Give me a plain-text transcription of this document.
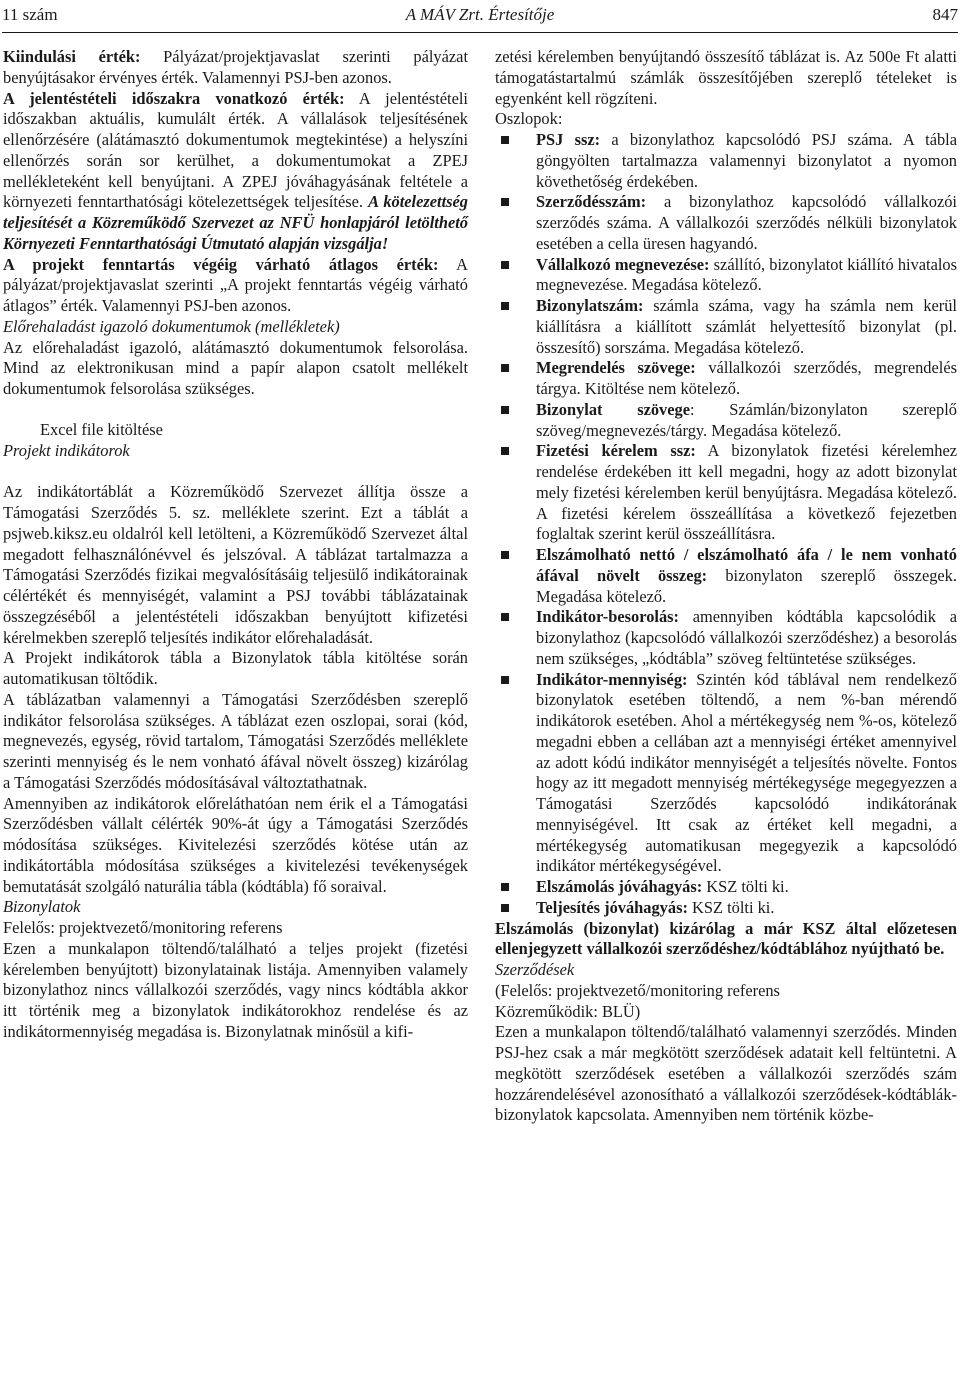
11 szám	A MÁV Zrt. Értesítője	847

Kiindulási érték: Pályázat/projektjavaslat szerinti pályázat benyújtásakor érvényes érték. Valamennyi PSJ-ben azonos.

A jelentéstételi időszakra vonatkozó érték: A jelentéstételi időszakban aktuális, kumulált érték. A vállalások teljesítésének ellenőrzésére (alátámasztó dokumentumok megtekintése) a helyszíni ellenőrzés során sor kerülhet, a dokumentumokat a ZPEJ mellékleteként kell benyújtani. A ZPEJ jóváhagyásának feltétele a környezeti fenntarthatósági kötelezettségek teljesítése. A kötelezettség teljesítését a Közreműködő Szervezet az NFÜ honlapjáról letölthető Környezeti Fenntarthatósági Útmutató alapján vizsgálja!

A projekt fenntartás végéig várható átlagos érték: A pályázat/projektjavaslat szerinti „A projekt fenntartás végéig várható átlagos” érték. Valamennyi PSJ-ben azonos.

Előrehaladást igazoló dokumentumok (mellékletek)

Az előrehaladást igazoló, alátámasztó dokumentumok felsorolása. Mind az elektronikusan mind a papír alapon csatolt mellékelt dokumentumok felsorolása szükséges.

Excel file kitöltése

Projekt indikátorok

Az indikátortáblát a Közreműködő Szervezet állítja össze a Támogatási Szerződés 5. sz. melléklete szerint. Ezt a táblát a psjweb.kiksz.eu oldalról kell letölteni, a Közreműködő Szervezet által megadott felhasználónévvel és jelszóval. A táblázat tartalmazza a Támogatási Szerződés fizikai megvalósításáig teljesülő indikátorainak célértékét és mennyiségét, valamint a PSJ további táblázatainak összegzéséből a jelentéstételi időszakban benyújtott kifizetési kérelmekben szereplő teljesítés indikátor előrehaladását.

A Projekt indikátorok tábla a Bizonylatok tábla kitöltése során automatikusan töltődik.

A táblázatban valamennyi a Támogatási Szerződésben szereplő indikátor felsorolása szükséges. A táblázat ezen oszlopai, sorai (kód, megnevezés, egység, rövid tartalom, Támogatási Szerződés melléklete szerinti mennyiség és le nem vonható áfával növelt összeg) kizárólag a Támogatási Szerződés módosításával változtathatnak.

Amennyiben az indikátorok előreláthatóan nem érik el a Támogatási Szerződésben vállalt célérték 90%-át úgy a Támogatási Szerződés módosítása szükséges. Kivitelezési szerződés kötése után az indikátortábla módosítása szükséges a kivitelezési tevékenységek bemutatását szolgáló naturália tábla (kódtábla) fő soraival.

Bizonylatok

Felelős: projektvezető/monitoring referens

Ezen a munkalapon töltendő/található a teljes projekt (fizetési kérelemben benyújtott) bizonylatainak listája. Amennyiben valamely bizonylathoz nincs vállalkozói szerződés, vagy nincs kódtábla akkor itt történik meg a bizonylatok indikátorokhoz rendelése és az indikátormennyiség megadása is. Bizonylatnak minősül a kifi-

zetési kérelemben benyújtandó összesítő táblázat is. Az 500e Ft alatti támogatástartalmú számlák összesítőjében szereplő tételeket is egyenként kell rögzíteni.

Oszlopok:

PSJ ssz: a bizonylathoz kapcsolódó PSJ száma. A tábla göngyölten tartalmazza valamennyi bizonylatot a nyomon követhetőség érdekében.
Szerződésszám: a bizonylathoz kapcsolódó vállalkozói szerződés száma. A vállalkozói szerződés nélküli bizonylatok esetében a cella üresen hagyandó.
Vállalkozó megnevezése: szállító, bizonylatot kiállító hivatalos megnevezése. Megadása kötelező.
Bizonylatszám: számla száma, vagy ha számla nem kerül kiállításra a kiállított számlát helyettesítő bizonylat (pl. összesítő) sorszáma. Megadása kötelező.
Megrendelés szövege: vállalkozói szerződés, megrendelés tárgya. Kitöltése nem kötelező.
Bizonylat szövege: Számlán/bizonylaton szereplő szöveg/megnevezés/tárgy. Megadása kötelező.
Fizetési kérelem ssz: A bizonylatok fizetési kérelemhez rendelése érdekében itt kell megadni, hogy az adott bizonylat mely fizetési kérelemben kerül benyújtásra. Megadása kötelező. A fizetési kérelem összeállítása a következő fejezetben foglaltak szerint kerül összeállításra.
Elszámolható nettó / elszámolható áfa / le nem vonható áfával növelt összeg: bizonylaton szereplő összegek. Megadása kötelező.
Indikátor-besorolás: amennyiben kódtábla kapcsolódik a bizonylathoz (kapcsolódó vállalkozói szerződéshez) a besorolás nem szükséges, „kódtábla” szöveg feltüntetése szükséges.
Indikátor-mennyiség: Szintén kód táblával nem rendelkező bizonylatok esetében töltendő, a nem %-ban mérendő indikátorok esetében. Ahol a mértékegység nem %-os, kötelező megadni ebben a cellában azt a mennyiségi értéket amennyivel az adott kódú indikátor mennyiségét a teljesítés növelte. Fontos hogy az itt megadott mennyiség mértékegysége megegyezzen a Támogatási Szerződés kapcsolódó indikátorának mennyiségével. Itt csak az értéket kell megadni, a mértékegység automatikusan megegyezik a kapcsolódó indikátor mértékegységével.
Elszámolás jóváhagyás: KSZ tölti ki.
Teljesítés jóváhagyás: KSZ tölti ki.

Elszámolás (bizonylat) kizárólag a már KSZ által előzetesen ellenjegyzett vállalkozói szerződéshez/kódtáblához nyújtható be.

Szerződések

(Felelős: projektvezető/monitoring referens

Közreműködik: BLÜ)

Ezen a munkalapon töltendő/található valamennyi szerződés. Minden PSJ-hez csak a már megkötött szerződések adatait kell feltüntetni. A megkötött szerződések esetében a vállalkozói szerződés szám hozzárendelésével azonosítható a vállalkozói szerződések-kódtáblák-bizonylatok kapcsolata. Amennyiben nem történik közbe-
